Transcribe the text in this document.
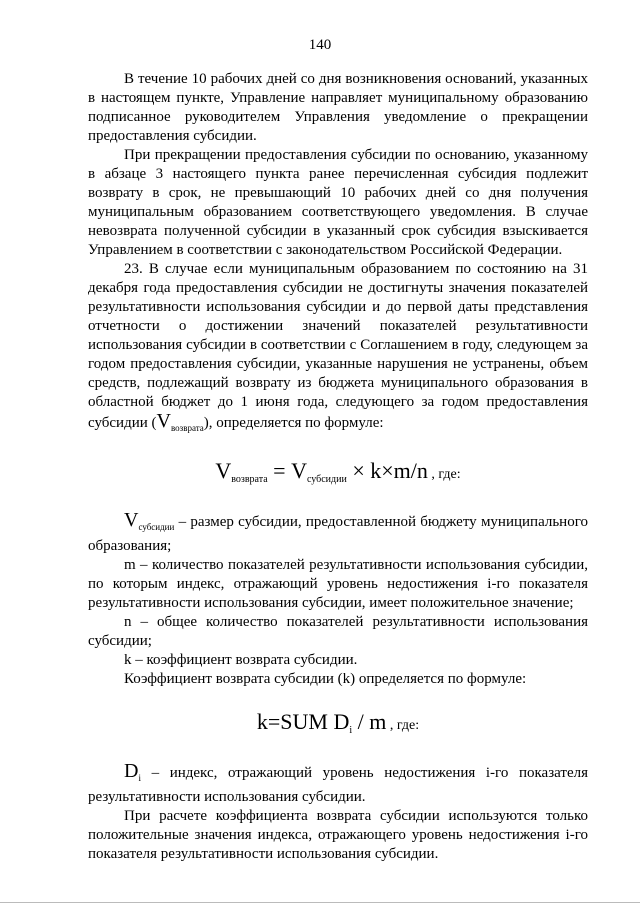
140

В течение 10 рабочих дней со дня возникновения оснований, указанных в настоящем пункте, Управление направляет муниципальному образованию подписанное руководителем Управления уведомление о прекращении предоставления субсидии.

При прекращении предоставления субсидии по основанию, указанному в абзаце 3 настоящего пункта ранее перечисленная субсидия подлежит возврату в срок, не превышающий 10 рабочих дней со дня получения муниципальным образованием соответствующего уведомления. В случае невозврата полученной субсидии в указанный срок субсидия взыскивается Управлением в соответствии с законодательством Российской Федерации.

23. В случае если муниципальным образованием по состоянию на 31 декабря года предоставления субсидии не достигнуты значения показателей результативности использования субсидии и до первой даты представления отчетности о достижении значений показателей результативности использования субсидии в соответствии с Соглашением в году, следующем за годом предоставления субсидии, указанные нарушения не устранены, объем средств, подлежащий возврату из бюджета муниципального образования в областной бюджет до 1 июня года, следующего за годом предоставления субсидии $(V_{возврата})$, определяется по формуле:

$V_{возврата} = V_{субсидии} \times k\times m/n$ , где:

$V_{субсидии}$ – размер субсидии, предоставленной бюджету муниципального образования;

m – количество показателей результативности использования субсидии, по которым индекс, отражающий уровень недостижения i-го показателя результативности использования субсидии, имеет положительное значение;

n – общее количество показателей результативности использования субсидии;

k – коэффициент возврата субсидии.

Коэффициент возврата субсидии (k) определяется по формуле:

k=SUM $D_i$ / m , где:

$D_i$ – индекс, отражающий уровень недостижения i-го показателя результативности использования субсидии.

При расчете коэффициента возврата субсидии используются только положительные значения индекса, отражающего уровень недостижения i-го показателя результативности использования субсидии.
